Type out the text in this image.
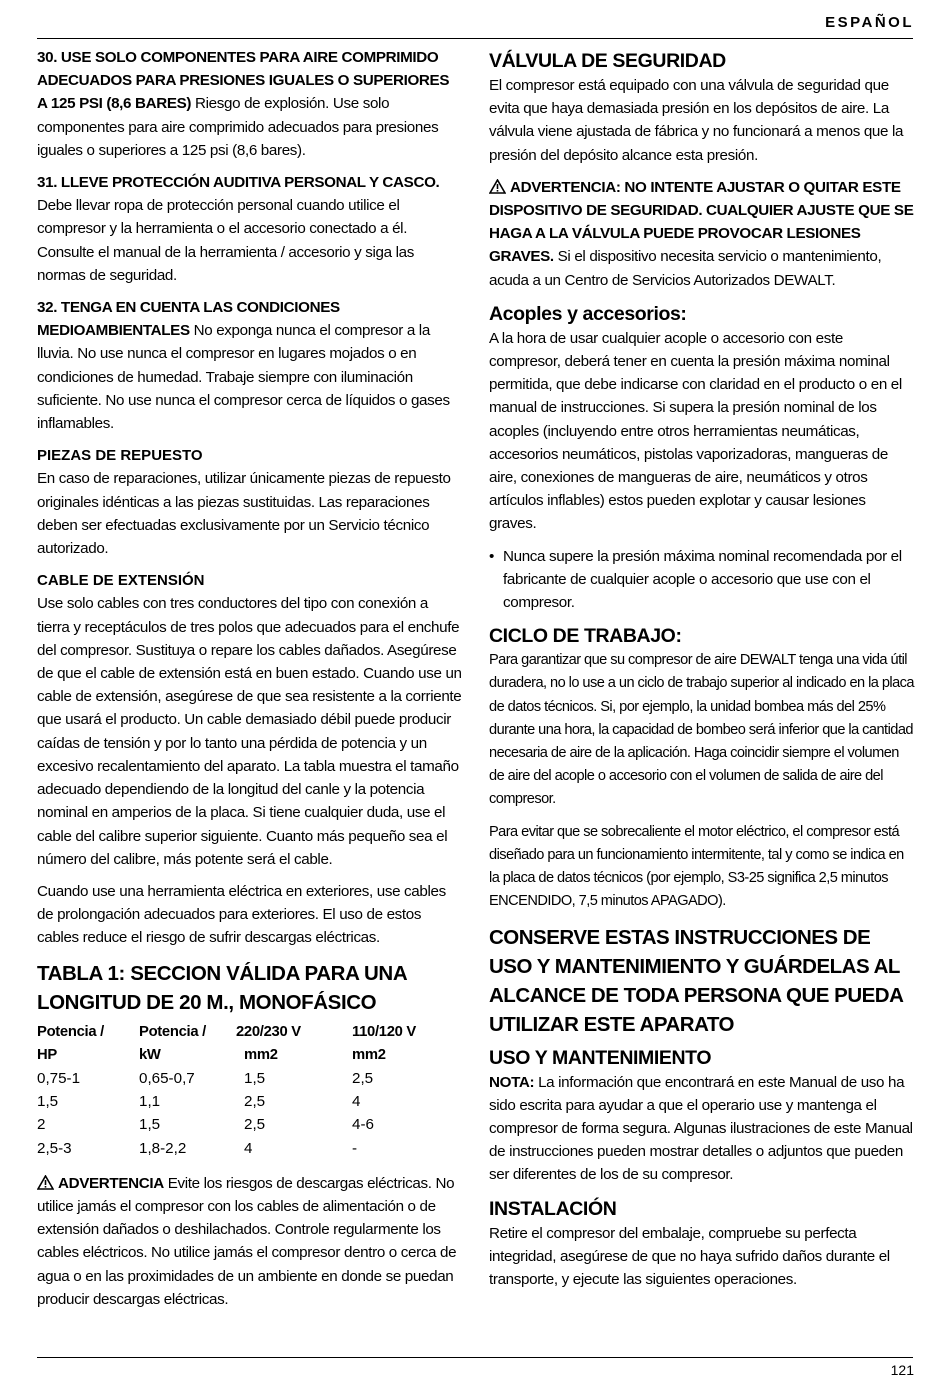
ESPAÑOL

30. USE SOLO COMPONENTES PARA AIRE COMPRIMIDO ADECUADOS PARA PRESIONES IGUALES O SUPERIORES A 125 PSI (8,6 BARES) Riesgo de explosión. Use solo componentes para aire comprimido adecuados para presiones iguales o superiores a 125 psi (8,6 bares).

31. LLEVE PROTECCIÓN AUDITIVA PERSONAL Y CASCO. Debe llevar ropa de protección personal cuando utilice el compresor y la herramienta o el accesorio conectado a él. Consulte el manual de la herramienta / accesorio y siga las normas de seguridad.

32. TENGA EN CUENTA LAS CONDICIONES MEDIOAMBIENTALES No exponga nunca el compresor a la lluvia. No use nunca el compresor en lugares mojados o en condiciones de humedad. Trabaje siempre con iluminación suficiente. No use nunca el compresor cerca de líquidos o gases inflamables.

PIEZAS DE REPUESTO

En caso de reparaciones, utilizar únicamente piezas de repuesto originales idénticas a las piezas sustituidas. Las reparaciones deben ser efectuadas exclusivamente por un Servicio técnico autorizado.

CABLE DE EXTENSIÓN

Use solo cables con tres conductores del tipo con conexión a tierra y receptáculos de tres polos que adecuados para el enchufe del compresor. Sustituya o repare los cables dañados. Asegúrese de que el cable de extensión está en buen estado. Cuando use un cable de extensión, asegúrese de que sea resistente a la corriente que usará el producto. Un cable demasiado débil puede producir caídas de tensión y por lo tanto una pérdida de potencia y un excesivo recalentamiento del aparato. La tabla muestra el tamaño adecuado dependiendo de la longitud del canle y la potencia nominal en amperios de la placa. Si tiene cualquier duda, use el cable del calibre superior siguiente. Cuanto más pequeño sea el número del calibre, más potente será el cable.

Cuando use una herramienta eléctrica en exteriores, use cables de prolongación adecuados para exteriores. El uso de estos cables reduce el riesgo de sufrir descargas eléctricas.

TABLA 1: SECCION VÁLIDA PARA UNA LONGITUD DE 20 M., MONOFÁSICO
Potencia /	Potencia /	220/230 V	110/120 V
HP	kW	mm2	mm2
0,75-1	0,65-0,7	1,5	2,5
1,5	1,1	2,5	4
2	1,5	2,5	4-6
2,5-3	1,8-2,2	4	-

ADVERTENCIA Evite los riesgos de descargas eléctricas. No utilice jamás el compresor con los cables de alimentación o de extensión dañados o deshilachados. Controle regularmente los cables eléctricos. No utilice jamás el compresor dentro o cerca de agua o en las proximidades de un ambiente en donde se puedan producir descargas eléctricas.

VÁLVULA DE SEGURIDAD

El compresor está equipado con una válvula de seguridad que evita que haya demasiada presión en los depósitos de aire. La válvula viene ajustada de fábrica y no funcionará a menos que la presión del depósito alcance esta presión.

ADVERTENCIA: NO INTENTE AJUSTAR O QUITAR ESTE DISPOSITIVO DE SEGURIDAD. CUALQUIER AJUSTE QUE SE HAGA A LA VÁLVULA PUEDE PROVOCAR LESIONES GRAVES. Si el dispositivo necesita servicio o mantenimiento, acuda a un Centro de Servicios Autorizados DEWALT.

Acoples y accesorios:

A la hora de usar cualquier acople o accesorio con este compresor, deberá tener en cuenta la presión máxima nominal permitida, que debe indicarse con claridad en el producto o en el manual de instrucciones. Si supera la presión nominal de los acoples (incluyendo entre otros herramientas neumáticas, accesorios neumáticos, pistolas vaporizadoras, mangueras de aire, conexiones de mangueras de aire, neumáticos y otros artículos inflables) estos pueden explotar y causar lesiones graves.

• Nunca supere la presión máxima nominal recomendada por el fabricante de cualquier acople o accesorio que use con el compresor.
CICLO DE TRABAJO:

Para garantizar que su compresor de aire DEWALT tenga una vida útil duradera, no lo use a un ciclo de trabajo superior al indicado en la placa de datos técnicos. Si, por ejemplo, la unidad bombea más del 25% durante una hora, la capacidad de bombeo será inferior que la cantidad necesaria de aire de la aplicación. Haga coincidir siempre el volumen de aire del acople o accesorio con el volumen de salida de aire del compresor.

Para evitar que se sobrecaliente el motor eléctrico, el compresor está diseñado para un funcionamiento intermitente, tal y como se indica en la placa de datos técnicos (por ejemplo, S3-25 significa 2,5 minutos ENCENDIDO, 7,5 minutos APAGADO).

CONSERVE ESTAS INSTRUCCIONES DE USO Y MANTENIMIENTO Y GUÁRDELAS AL ALCANCE DE TODA PERSONA QUE PUEDA UTILIZAR ESTE APARATO
USO Y MANTENIMIENTO

NOTA: La información que encontrará en este Manual de uso ha sido escrita para ayudar a que el operario use y mantenga el compresor de forma segura. Algunas ilustraciones de este Manual de instrucciones pueden mostrar detalles o adjuntos que pueden ser diferentes de los de su compresor.

INSTALACIÓN

Retire el compresor del embalaje, compruebe su perfecta integridad, asegúrese de que no haya sufrido daños durante el transporte, y ejecute las siguientes operaciones.

121
